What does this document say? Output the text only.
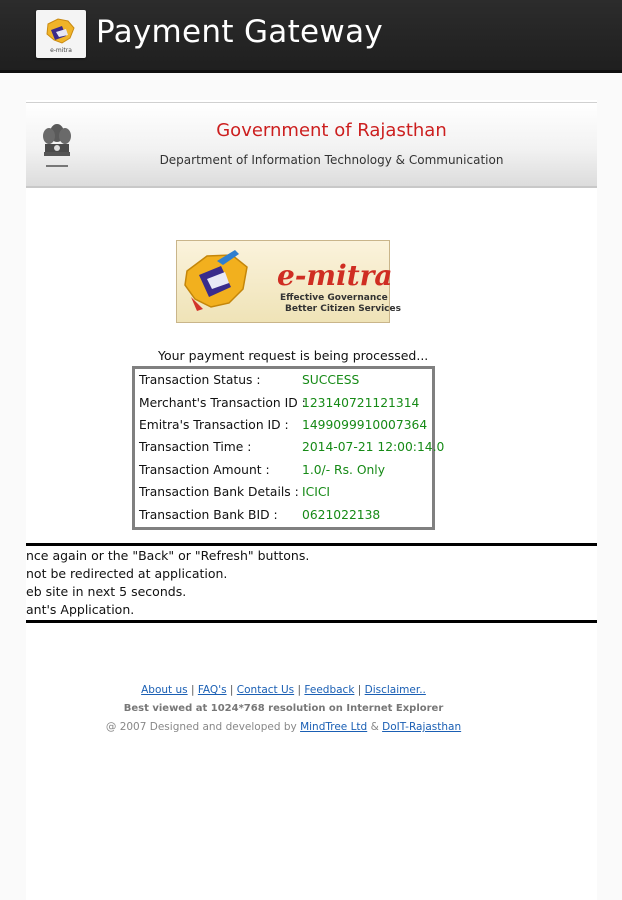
e-mitra
Payment Gateway
Government of Rajasthan
Department of Information Technology & Communication
e-mitra
Effective Governance
Better Citizen Services
Your payment request is being processed...
Transaction Status :	SUCCESS
Merchant's Transaction ID :
123140721121314
Emitra's Transaction ID : 1499099910007364
Transaction Time :	2014-07-21 12:00:14.0
Transaction Amount :	1.0/- Rs. Only
Transaction Bank Details : ICICI
Transaction Bank BID : 0621022138
nce again or the "Back" or "Refresh" buttons.
not be redirected at application.
eb site in next 5 seconds.
ant's Application.
About us | FAQ's | Contact Us | Feedback | Disclaimer..
Best viewed at 1024*768 resolution on Internet Explorer
@ 2007 Designed and developed by MindTree Ltd & DoIT-Rajasthan
